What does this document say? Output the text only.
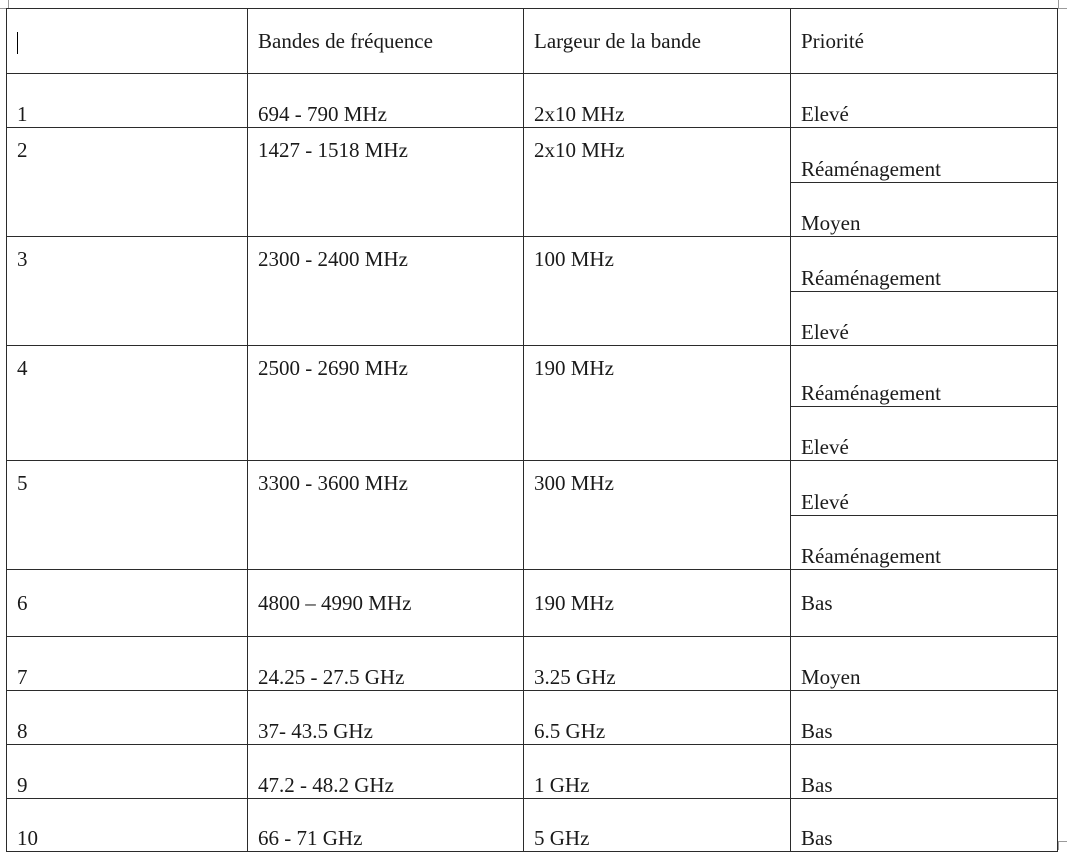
	Bandes de fréquence	Largeur de la bande	Priorité
1	694 - 790 MHz	2x10 MHz	Elevé
2	1427 - 1518 MHz	2x10 MHz	Réaménagement
			Moyen
3	2300 - 2400 MHz	100 MHz	Réaménagement
			Elevé
4	2500 - 2690 MHz	190 MHz	Réaménagement
			Elevé
5	3300 - 3600 MHz	300 MHz	Elevé
			Réaménagement
6	4800 – 4990 MHz	190 MHz	Bas
7	24.25 - 27.5 GHz	3.25 GHz	Moyen
8	37- 43.5 GHz	6.5 GHz	Bas
9	47.2 - 48.2 GHz	1 GHz	Bas
10	66 - 71 GHz	5 GHz	Bas
